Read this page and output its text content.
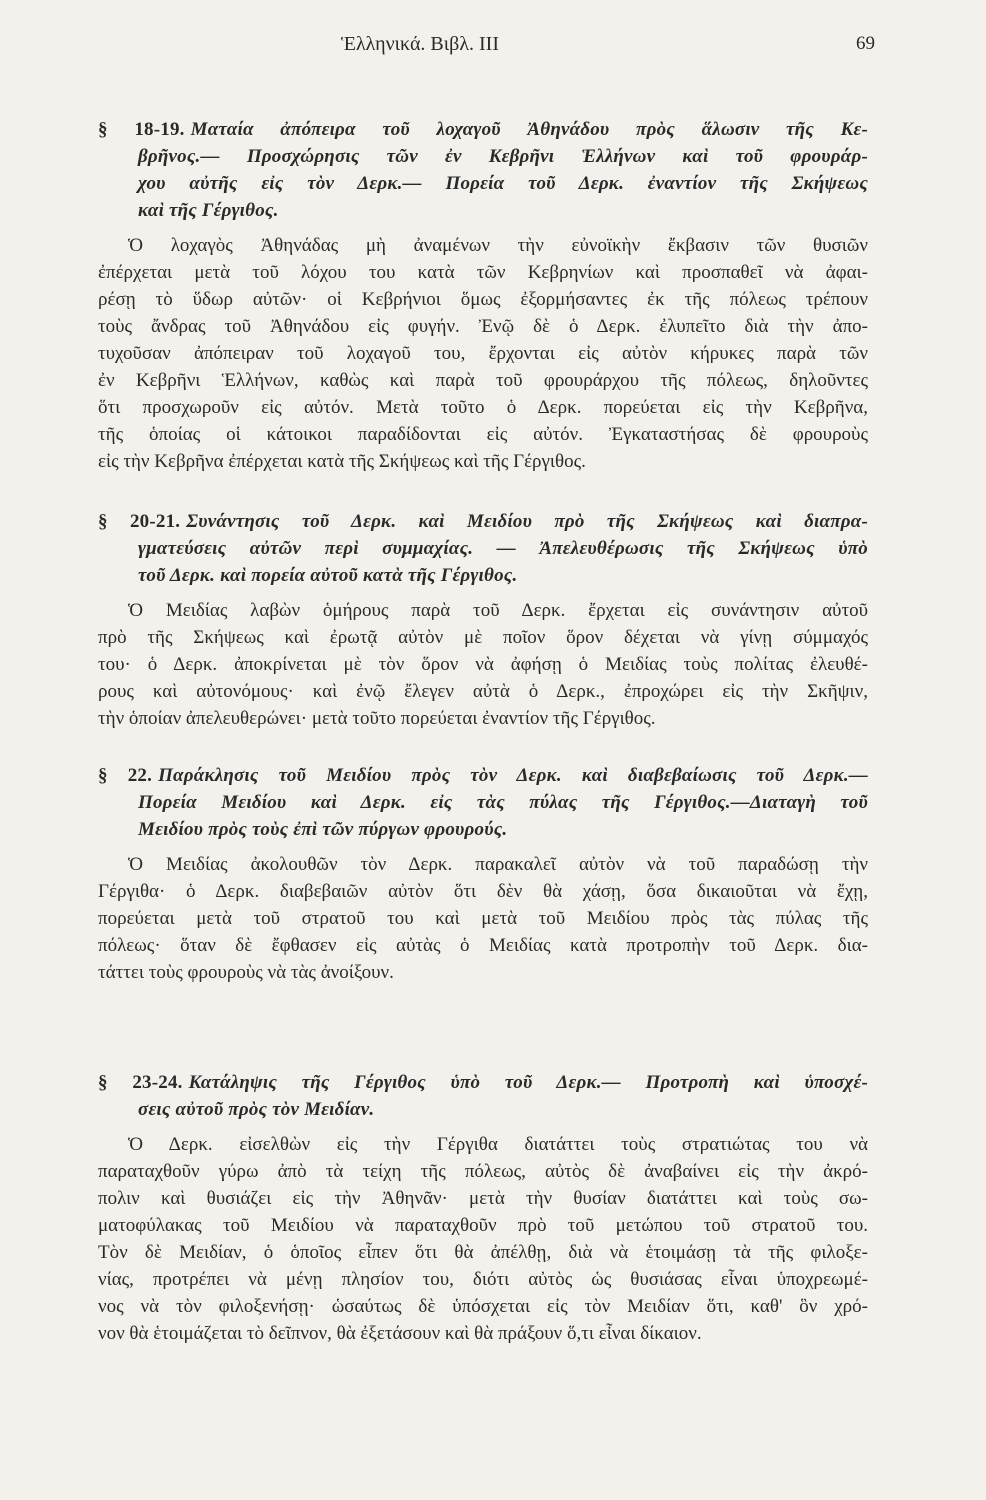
Ἑλληνικά. Βιβλ. III	69
§ 18-19. Ματαία ἀπόπειρα τοῦ λοχαγοῦ Ἀθηνάδου πρὸς ἅλωσιν τῆς Κε-
βρῆνος.— Προσχώρησις τῶν ἐν Κεβρῆνι Ἑλλήνων καὶ τοῦ φρουράρ-
χου αὐτῆς εἰς τὸν Δερκ.— Πορεία τοῦ Δερκ. ἐναντίον τῆς Σκήψεως
καὶ τῆς Γέργιθος.
Ὁ λοχαγὸς Ἀθηνάδας μὴ ἀναμένων τὴν εὐνοϊκὴν ἔκβασιν τῶν θυσιῶν
ἐπέρχεται μετὰ τοῦ λόχου του κατὰ τῶν Κεβρηνίων καὶ προσπαθεῖ νὰ ἀφαι-
ρέσῃ τὸ ὕδωρ αὐτῶν· οἱ Κεβρήνιοι ὅμως ἐξορμήσαντες ἐκ τῆς πόλεως τρέπουν
τοὺς ἄνδρας τοῦ Ἀθηνάδου εἰς φυγήν. Ἐνῷ δὲ ὁ Δερκ. ἐλυπεῖτο διὰ τὴν ἀπο-
τυχοῦσαν ἀπόπειραν τοῦ λοχαγοῦ του, ἔρχονται εἰς αὐτὸν κήρυκες παρὰ τῶν
ἐν Κεβρῆνι Ἑλλήνων, καθὼς καὶ παρὰ τοῦ φρουράρχου τῆς πόλεως, δηλοῦντες
ὅτι προσχωροῦν εἰς αὐτόν. Μετὰ τοῦτο ὁ Δερκ. πορεύεται εἰς τὴν Κεβρῆνα,
τῆς ὁποίας οἱ κάτοικοι παραδίδονται εἰς αὐτόν. Ἐγκαταστήσας δὲ φρουροὺς
εἰς τὴν Κεβρῆνα ἐπέρχεται κατὰ τῆς Σκήψεως καὶ τῆς Γέργιθος.
§ 20-21. Συνάντησις τοῦ Δερκ. καὶ Μειδίου πρὸ τῆς Σκήψεως καὶ διαπρα-
γματεύσεις αὐτῶν περὶ συμμαχίας. — Ἀπελευθέρωσις τῆς Σκήψεως ὑπὸ
τοῦ Δερκ. καὶ πορεία αὐτοῦ κατὰ τῆς Γέργιθος.
Ὁ Μειδίας λαβὼν ὁμήρους παρὰ τοῦ Δερκ. ἔρχεται εἰς συνάντησιν αὐτοῦ
πρὸ τῆς Σκήψεως καὶ ἐρωτᾷ αὐτὸν μὲ ποῖον ὅρον δέχεται νὰ γίνῃ σύμμαχός
του· ὁ Δερκ. ἀποκρίνεται μὲ τὸν ὅρον νὰ ἀφήσῃ ὁ Μειδίας τοὺς πολίτας ἐλευθέ-
ρους καὶ αὐτονόμους· καὶ ἐνῷ ἔλεγεν αὐτὰ ὁ Δερκ., ἐπροχώρει εἰς τὴν Σκῆψιν,
τὴν ὁποίαν ἀπελευθερώνει· μετὰ τοῦτο πορεύεται ἐναντίον τῆς Γέργιθος.
§ 22. Παράκλησις τοῦ Μειδίου πρὸς τὸν Δερκ. καὶ διαβεβαίωσις τοῦ Δερκ.—
Πορεία Μειδίου καὶ Δερκ. εἰς τὰς πύλας τῆς Γέργιθος.—Διαταγὴ τοῦ
Μειδίου πρὸς τοὺς ἐπὶ τῶν πύργων φρουρούς.
Ὁ Μειδίας ἀκολουθῶν τὸν Δερκ. παρακαλεῖ αὐτὸν νὰ τοῦ παραδώσῃ τὴν
Γέργιθα· ὁ Δερκ. διαβεβαιῶν αὐτὸν ὅτι δὲν θὰ χάσῃ, ὅσα δικαιοῦται νὰ ἔχῃ,
πορεύεται μετὰ τοῦ στρατοῦ του καὶ μετὰ τοῦ Μειδίου πρὸς τὰς πύλας τῆς
πόλεως· ὅταν δὲ ἔφθασεν εἰς αὐτὰς ὁ Μειδίας κατὰ προτροπὴν τοῦ Δερκ. δια-
τάττει τοὺς φρουροὺς νὰ τὰς ἀνοίξουν.
§ 23-24. Κατάληψις τῆς Γέργιθος ὑπὸ τοῦ Δερκ.— Προτροπὴ καὶ ὑποσχέ-
σεις αὐτοῦ πρὸς τὸν Μειδίαν.
Ὁ Δερκ. εἰσελθὼν εἰς τὴν Γέργιθα διατάττει τοὺς στρατιώτας του νὰ
παραταχθοῦν γύρω ἀπὸ τὰ τείχη τῆς πόλεως, αὐτὸς δὲ ἀναβαίνει εἰς τὴν ἀκρό-
πολιν καὶ θυσιάζει εἰς τὴν Ἀθηνᾶν· μετὰ τὴν θυσίαν διατάττει καὶ τοὺς σω-
ματοφύλακας τοῦ Μειδίου νὰ παραταχθοῦν πρὸ τοῦ μετώπου τοῦ στρατοῦ του.
Τὸν δὲ Μειδίαν, ὁ ὁποῖος εἶπεν ὅτι θὰ ἀπέλθῃ, διὰ νὰ ἑτοιμάσῃ τὰ τῆς φιλοξε-
νίας, προτρέπει νὰ μένῃ πλησίον του, διότι αὐτὸς ὡς θυσιάσας εἶναι ὑποχρεωμέ-
νος νὰ τὸν φιλοξενήσῃ· ὡσαύτως δὲ ὑπόσχεται εἰς τὸν Μειδίαν ὅτι, καθ' ὃν χρό-
νον θὰ ἑτοιμάζεται τὸ δεῖπνον, θὰ ἐξετάσουν καὶ θὰ πράξουν ὅ,τι εἶναι δίκαιον.
